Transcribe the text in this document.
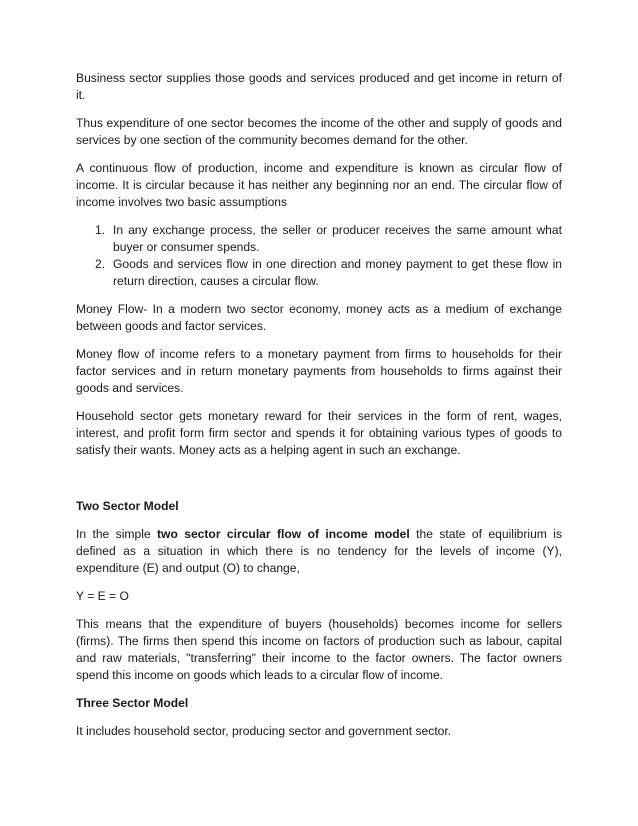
Business sector supplies those goods and services produced and get income in return of it.

Thus expenditure of one sector becomes the income of the other and supply of goods and services by one section of the community becomes demand for the other.

A continuous flow of production, income and expenditure is known as circular flow of income. It is circular because it has neither any beginning nor an end. The circular flow of income involves two basic assumptions

1. In any exchange process, the seller or producer receives the same amount what buyer or consumer spends.
2. Goods and services flow in one direction and money payment to get these flow in return direction, causes a circular flow.

Money Flow- In a modern two sector economy, money acts as a medium of exchange between goods and factor services.

Money flow of income refers to a monetary payment from firms to households for their factor services and in return monetary payments from households to firms against their goods and services.

Household sector gets monetary reward for their services in the form of rent, wages, interest, and profit form firm sector and spends it for obtaining various types of goods to satisfy their wants. Money acts as a helping agent in such an exchange.

Two Sector Model

In the simple two sector circular flow of income model the state of equilibrium is defined as a situation in which there is no tendency for the levels of income (Y), expenditure (E) and output (O) to change,

Y = E = O

This means that the expenditure of buyers (households) becomes income for sellers (firms). The firms then spend this income on factors of production such as labour, capital and raw materials, "transferring" their income to the factor owners. The factor owners spend this income on goods which leads to a circular flow of income.

Three Sector Model

It includes household sector, producing sector and government sector.
